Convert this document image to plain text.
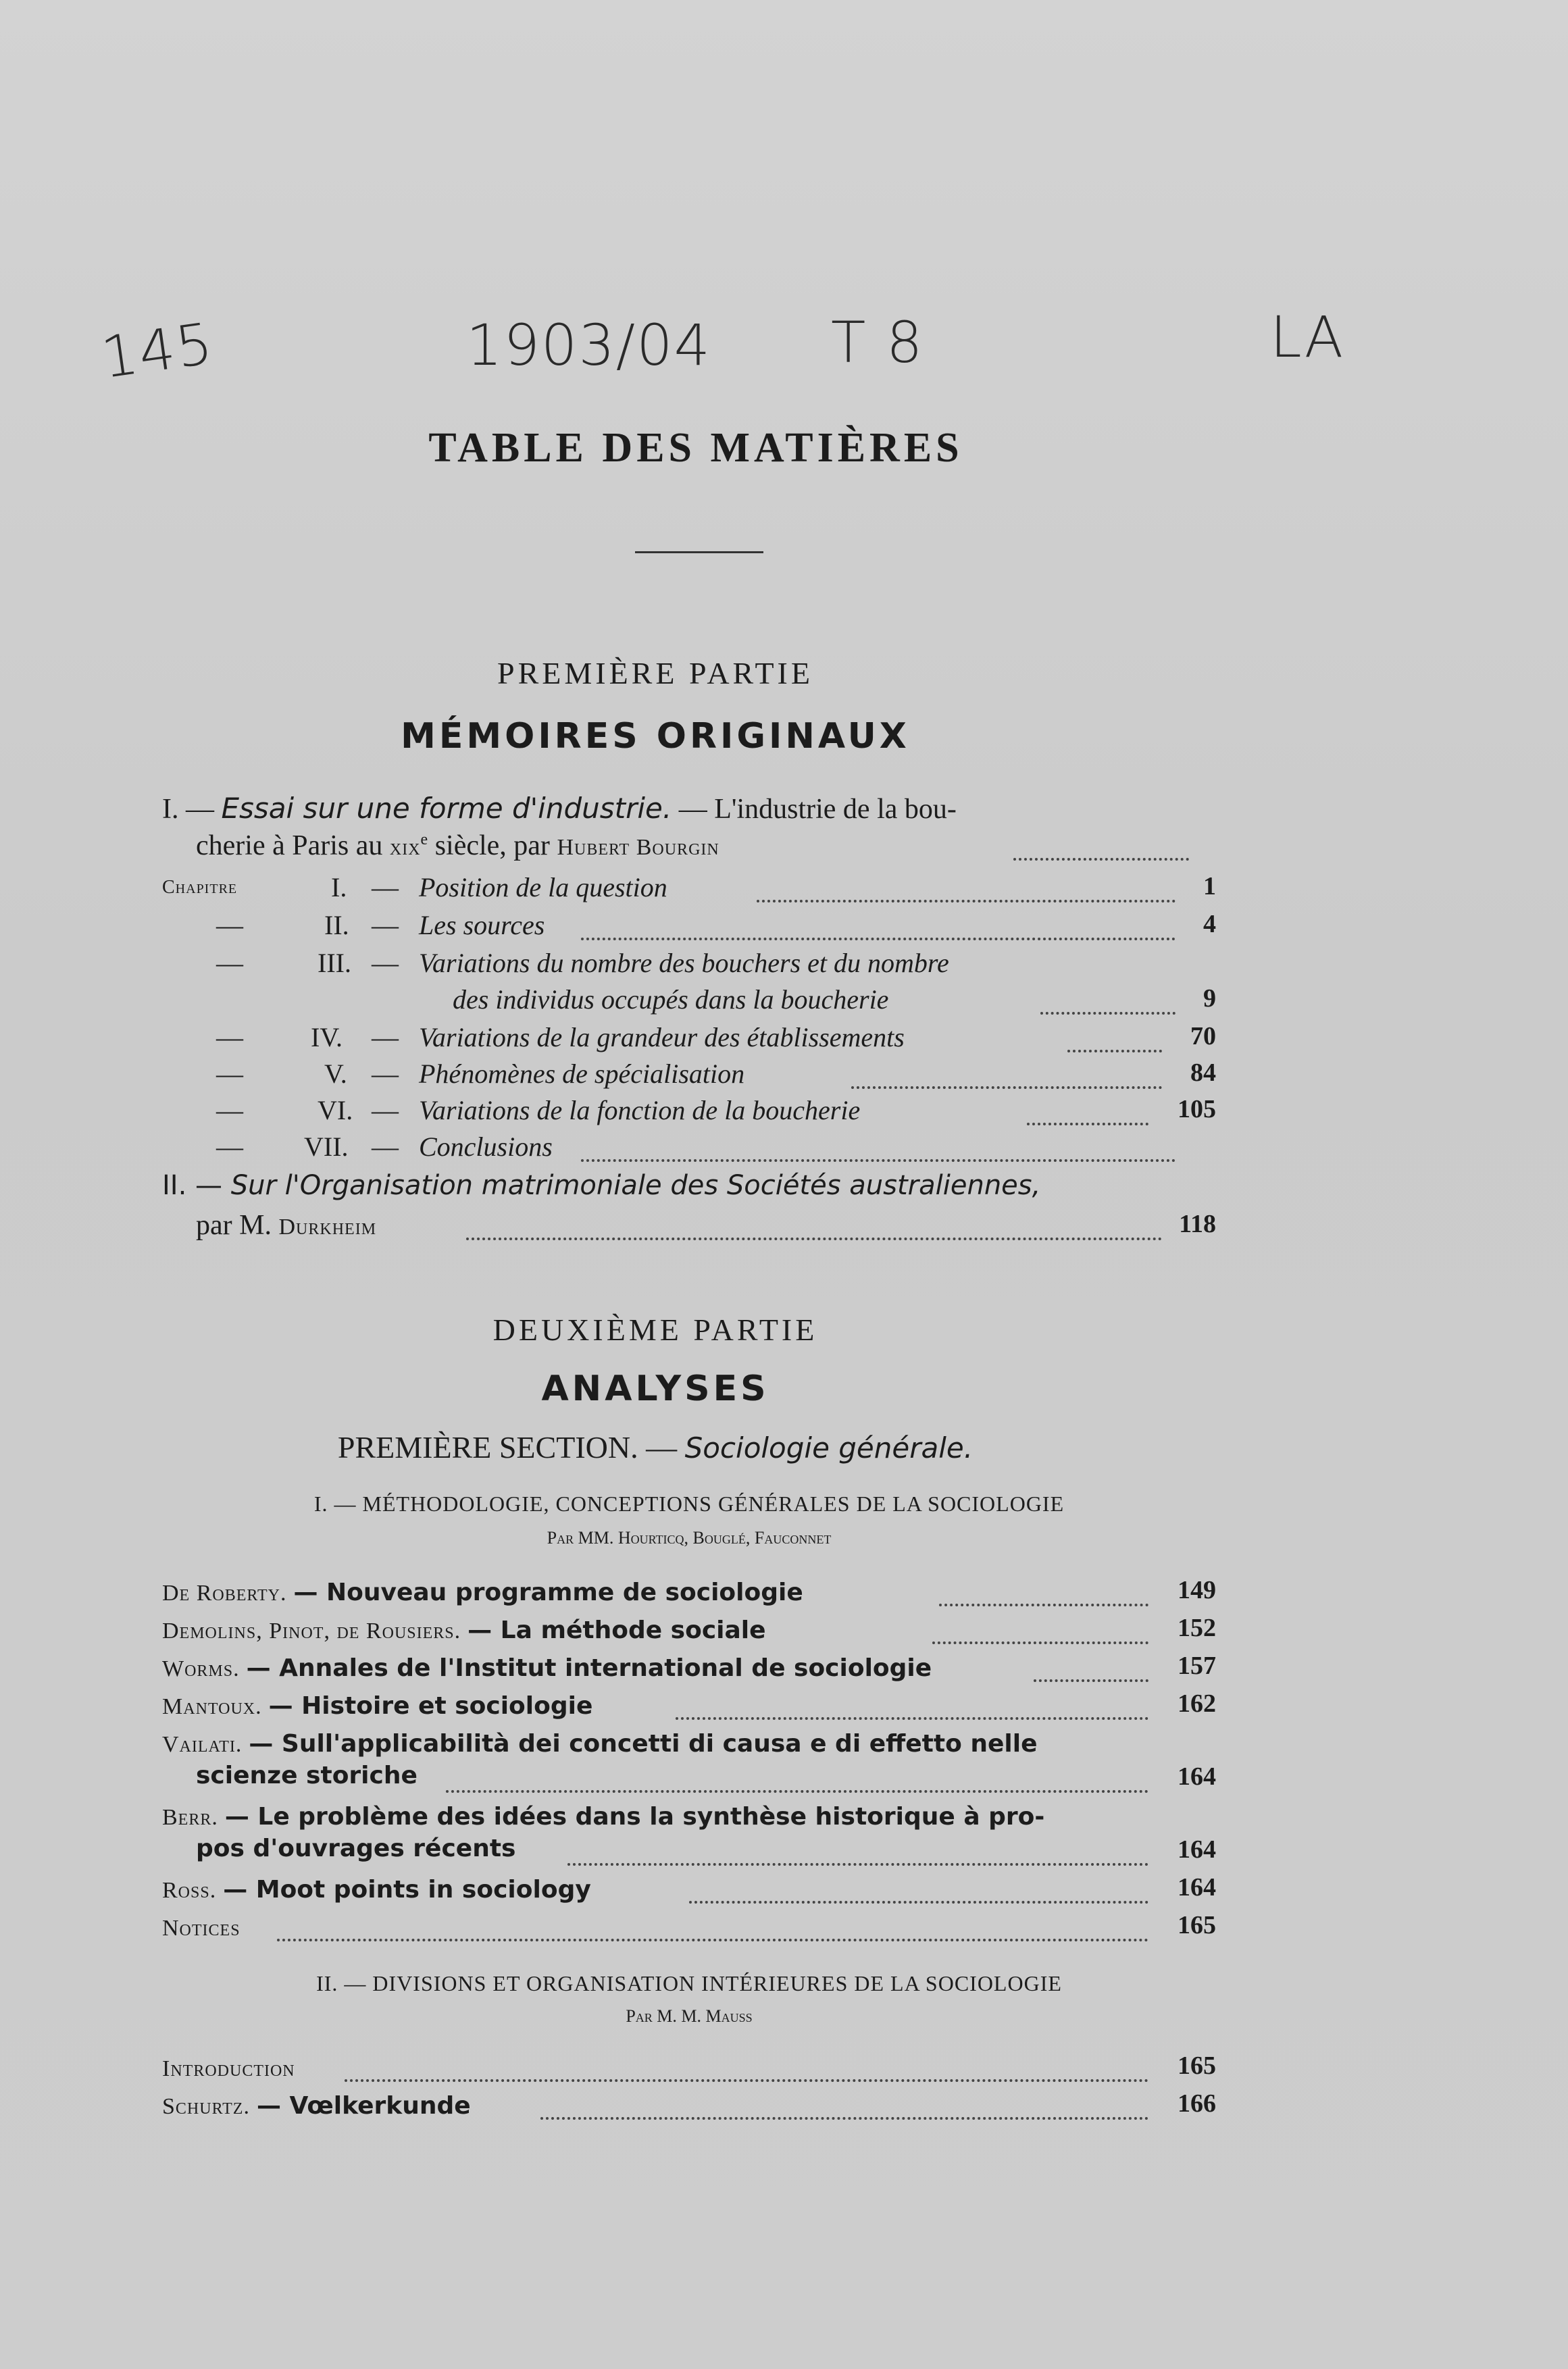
145	1903/04 T 8	LA
TABLE DES MATIÈRES
PREMIÈRE PARTIE
MÉMOIRES ORIGINAUX
I. — Essai sur une forme d'industrie. — L'industrie de la bou-
cherie à Paris au xix$^e$ siècle, par Hubert Bourgin
Chapitre	I. — Position de la question	1
—	II. — Les sources	4
—	III. — Variations du nombre des bouchers et du nombre
des individus occupés dans la boucherie	9
—	IV. — Variations de la grandeur des établissements	70
—	V. — Phénomènes de spécialisation	84
—	VI. — Variations de la fonction de la boucherie	105
— VII. — Conclusions
II. — Sur l'Organisation matrimoniale des Sociétés australiennes,
par M. Durkheim	118
DEUXIÈME PARTIE
ANALYSES
PREMIÈRE SECTION. — Sociologie générale.
I. — MÉTHODOLOGIE, CONCEPTIONS GÉNÉRALES DE LA SOCIOLOGIE
Par MM. Hourticq, Bouglé, Fauconnet
De Roberty. — Nouveau programme de sociologie	149
Demolins, Pinot, de Rousiers. — La méthode sociale	152
Worms. — Annales de l'Institut international de sociologie	157
Mantoux. — Histoire et sociologie	162
Vailati. — Sull'applicabilità dei concetti di causa e di effetto nelle
scienze storiche	164
Berr. — Le problème des idées dans la synthèse historique à pro-
pos d'ouvrages récents	164
Ross. — Moot points in sociology	164
Notices	165
II. — DIVISIONS ET ORGANISATION INTÉRIEURES DE LA SOCIOLOGIE
Par M. M. Mauss
Introduction	165
Schurtz. — Vœlkerkunde	166
